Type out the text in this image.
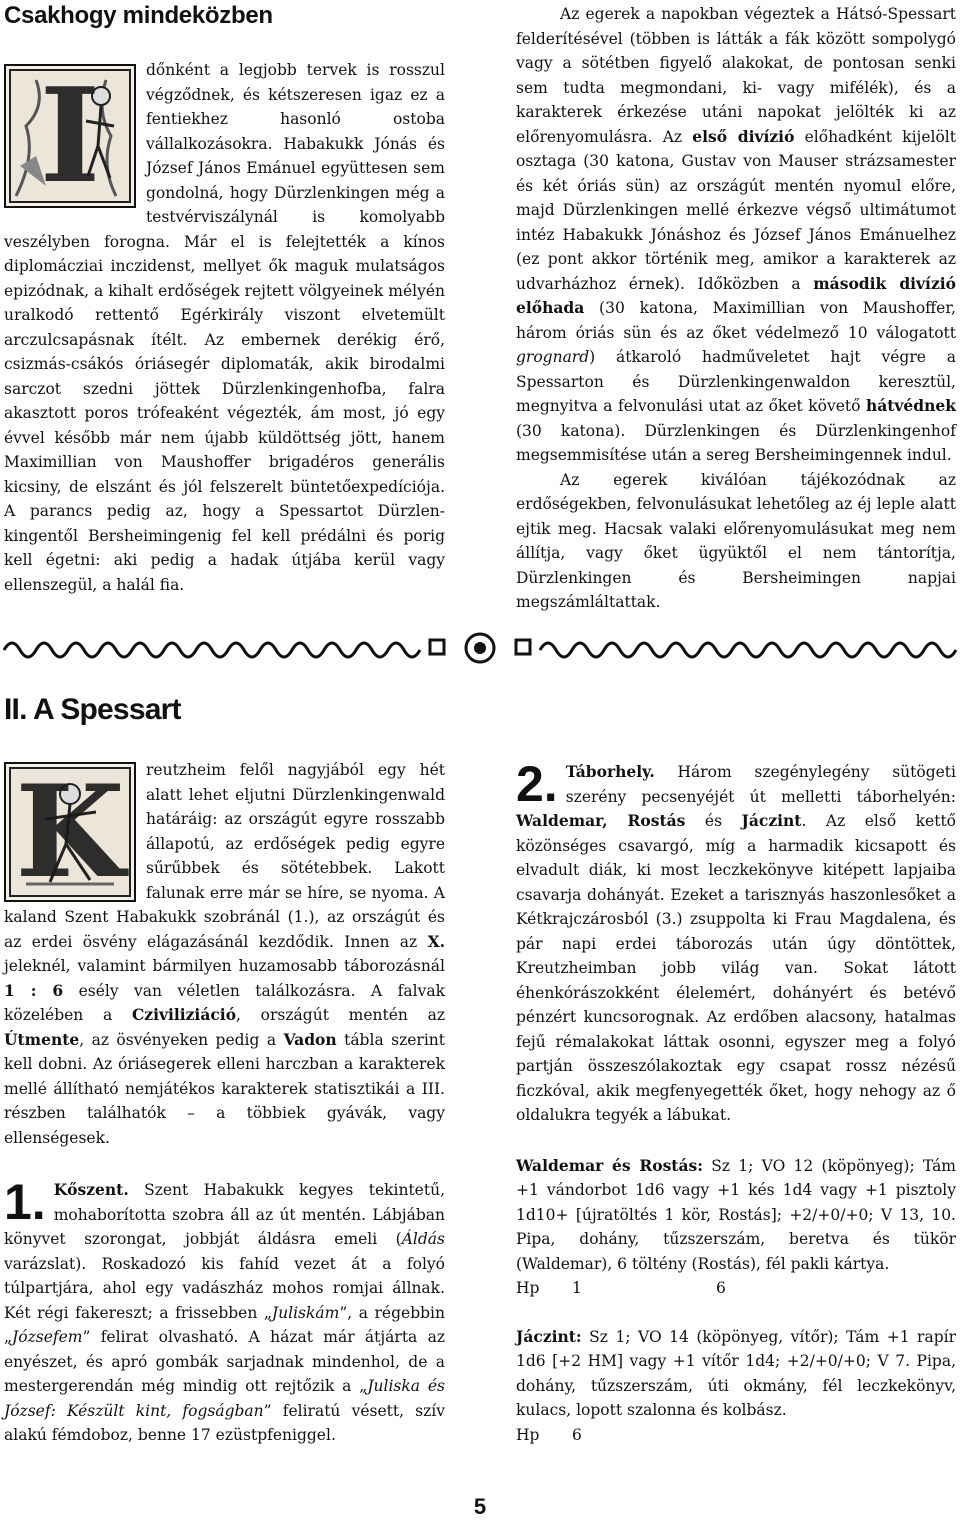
Csakhogy mindeközben

I	dőnként a legjobb tervek is rosszul végződnek, és kétszeresen igaz ez a fentiekhez hasonló ostoba vállalkozásokra. Habakukk Jónás és József János Emánuel együttesen sem gondolná, hogy Dürzlenkingen még a testvérviszálynál is komolyabb veszélyben forogna. Már el is felejtették a kínos diplomácziai inczidenst, mellyet ők maguk mulatságos epizódnak, a kihalt erdőségek rejtett völgyeinek mélyén uralkodó rettentő Egérkirály viszont elvetemült arczulcsapásnak ítélt. Az embernek derékig érő, csizmás-csákós óriásegér diplomaták, akik birodalmi sarczot szedni jöttek Dürzlenkingenhofba, falra akasztott poros trófeaként végezték, ám most, jó egy évvel később már nem újabb küldöttség jött, hanem Maximillian von Maushoffer brigadéros generális kicsiny, de elszánt és jól felszerelt büntetőexpedíciója. A parancs pedig az, hogy a Spessartot Dürzlen-kingentől Bersheimingenig fel kell prédálni és porig kell égetni: aki pedig a hadak útjába kerül vagy ellenszegül, a halál fia.

Az egerek a napokban végeztek a Hátsó-Spessart felderítésével (többen is látták a fák között sompolygó vagy a sötétben figyelő alakokat, de pontosan senki sem tudta megmondani, ki- vagy mifélék), és a karakterek érkezése utáni napokat jelölték ki az előrenyomulásra. Az első divízió előhadként kijelölt osztaga (30 katona, Gustav von Mauser strázsamester és két óriás sün) az országút mentén nyomul előre, majd Dürzlenkingen mellé érkezve végső ultimátumot intéz Habakukk Jónáshoz és József János Emánuelhez (ez pont akkor történik meg, amikor a karakterek az udvarházhoz érnek). Időközben a második divízió előhada (30 katona, Maximillian von Maushoffer, három óriás sün és az őket védelmező 10 válogatott grognard) átkaroló hadműveletet hajt végre a Spessarton és Dürzlenkingenwaldon keresztül, megnyitva a felvonulási utat az őket követő hátvédnek (30 katona). Dürzlenkingen és Dürzlenkingenhof megsemmisítése után a sereg Bersheimingennek indul.

Az egerek kiválóan tájékozódnak az erdőségekben, felvonulásukat lehetőleg az éj leple alatt ejtik meg. Hacsak valaki előrenyomulásukat meg nem állítja, vagy őket ügyüktől el nem tántorítja, Dürzlenkingen és Bersheimingen napjai megszámláltattak.

II. A Spessart

K	reutzheim felől nagyjából egy hét alatt lehet eljutni Dürzlenkingenwald határáig: az országút egyre rosszabb állapotú, az erdőségek pedig egyre sűrűbbek és sötétebbek. Lakott falunak erre már se híre, se nyoma. A kaland Szent Habakukk szobránál (1.), az országút és az erdei ösvény elágazásánál kezdődik. Innen az X. jeleknél, valamint bármilyen huzamosabb táborozásnál 1 : 6 esély van véletlen találkozásra. A falvak közelében a Cziviliziáció, országút mentén az Útmente, az ösvényeken pedig a Vadon tábla szerint kell dobni. Az óriásegerek elleni harczban a karakterek mellé állítható nemjátékos karakterek statisztikái a III. részben találhatók – a többiek gyávák, vagy ellenségesek.

1. Kőszent. Szent Habakukk kegyes tekintetű, mohaborította szobra áll az út mentén. Lábjában könyvet szorongat, jobbját áldásra emeli (Áldás varázslat). Roskadozó kis fahíd vezet át a folyó túlpartjára, ahol egy vadászház mohos romjai állnak. Két régi fakereszt; a frissebben „Juliskám”, a régebbin „Józsefem” felirat olvasható. A házat már átjárta az enyészet, és apró gombák sarjadnak mindenhol, de a mestergerendán még mindig ott rejtőzik a „Juliska és József: Készült kint, fogságban” feliratú vésett, szív alakú fémdoboz, benne 17 ezüstpfeniggel.

2. Táborhely. Három szegénylegény sütögeti szerény pecsenyéjét út melletti táborhelyén: Waldemar, Rostás és Jáczint. Az első kettő közönséges csavargó, míg a harmadik kicsapott és elvadult diák, ki most leczkekönyve kitépett lapjaiba csavarja dohányát. Ezeket a tarisznyás haszonlesőket a Kétkrajczárosból (3.) zsuppolta ki Frau Magdalena, és pár napi erdei táborozás után úgy döntöttek, Kreutzheimban jobb világ van. Sokat látott éhenkórászokként élelemért, dohányért és betévő pénzért kuncsorognak. Az erdőben alacsony, hatalmas fejű rémalakokat láttak osonni, egyszer meg a folyó partján összeszólakoztak egy csapat rossz nézésű ficzkóval, akik megfenyegették őket, hogy nehogy az ő oldalukra tegyék a lábukat.

Waldemar és Rostás: Sz 1; VO 12 (köpönyeg); Tám +1 vándorbot 1d6 vagy +1 kés 1d4 vagy +1 pisztoly 1d10+ [újratöltés 1 kör, Rostás]; +2/+0/+0; V 13, 10. Pipa, dohány, tűzszerszám, beretva és tükör (Waldemar), 6 töltény (Rostás), fél pakli kártya.
Hp 1	6
Jáczint: Sz 1; VO 14 (köpönyeg, vítőr); Tám +1 rapír 1d6 [+2 HM] vagy +1 vítőr 1d4; +2/+0/+0; V 7. Pipa, dohány, tűzszerszám, úti okmány, fél leczkekönyv, kulacs, lopott szalonna és kolbász.
Hp 6
5
